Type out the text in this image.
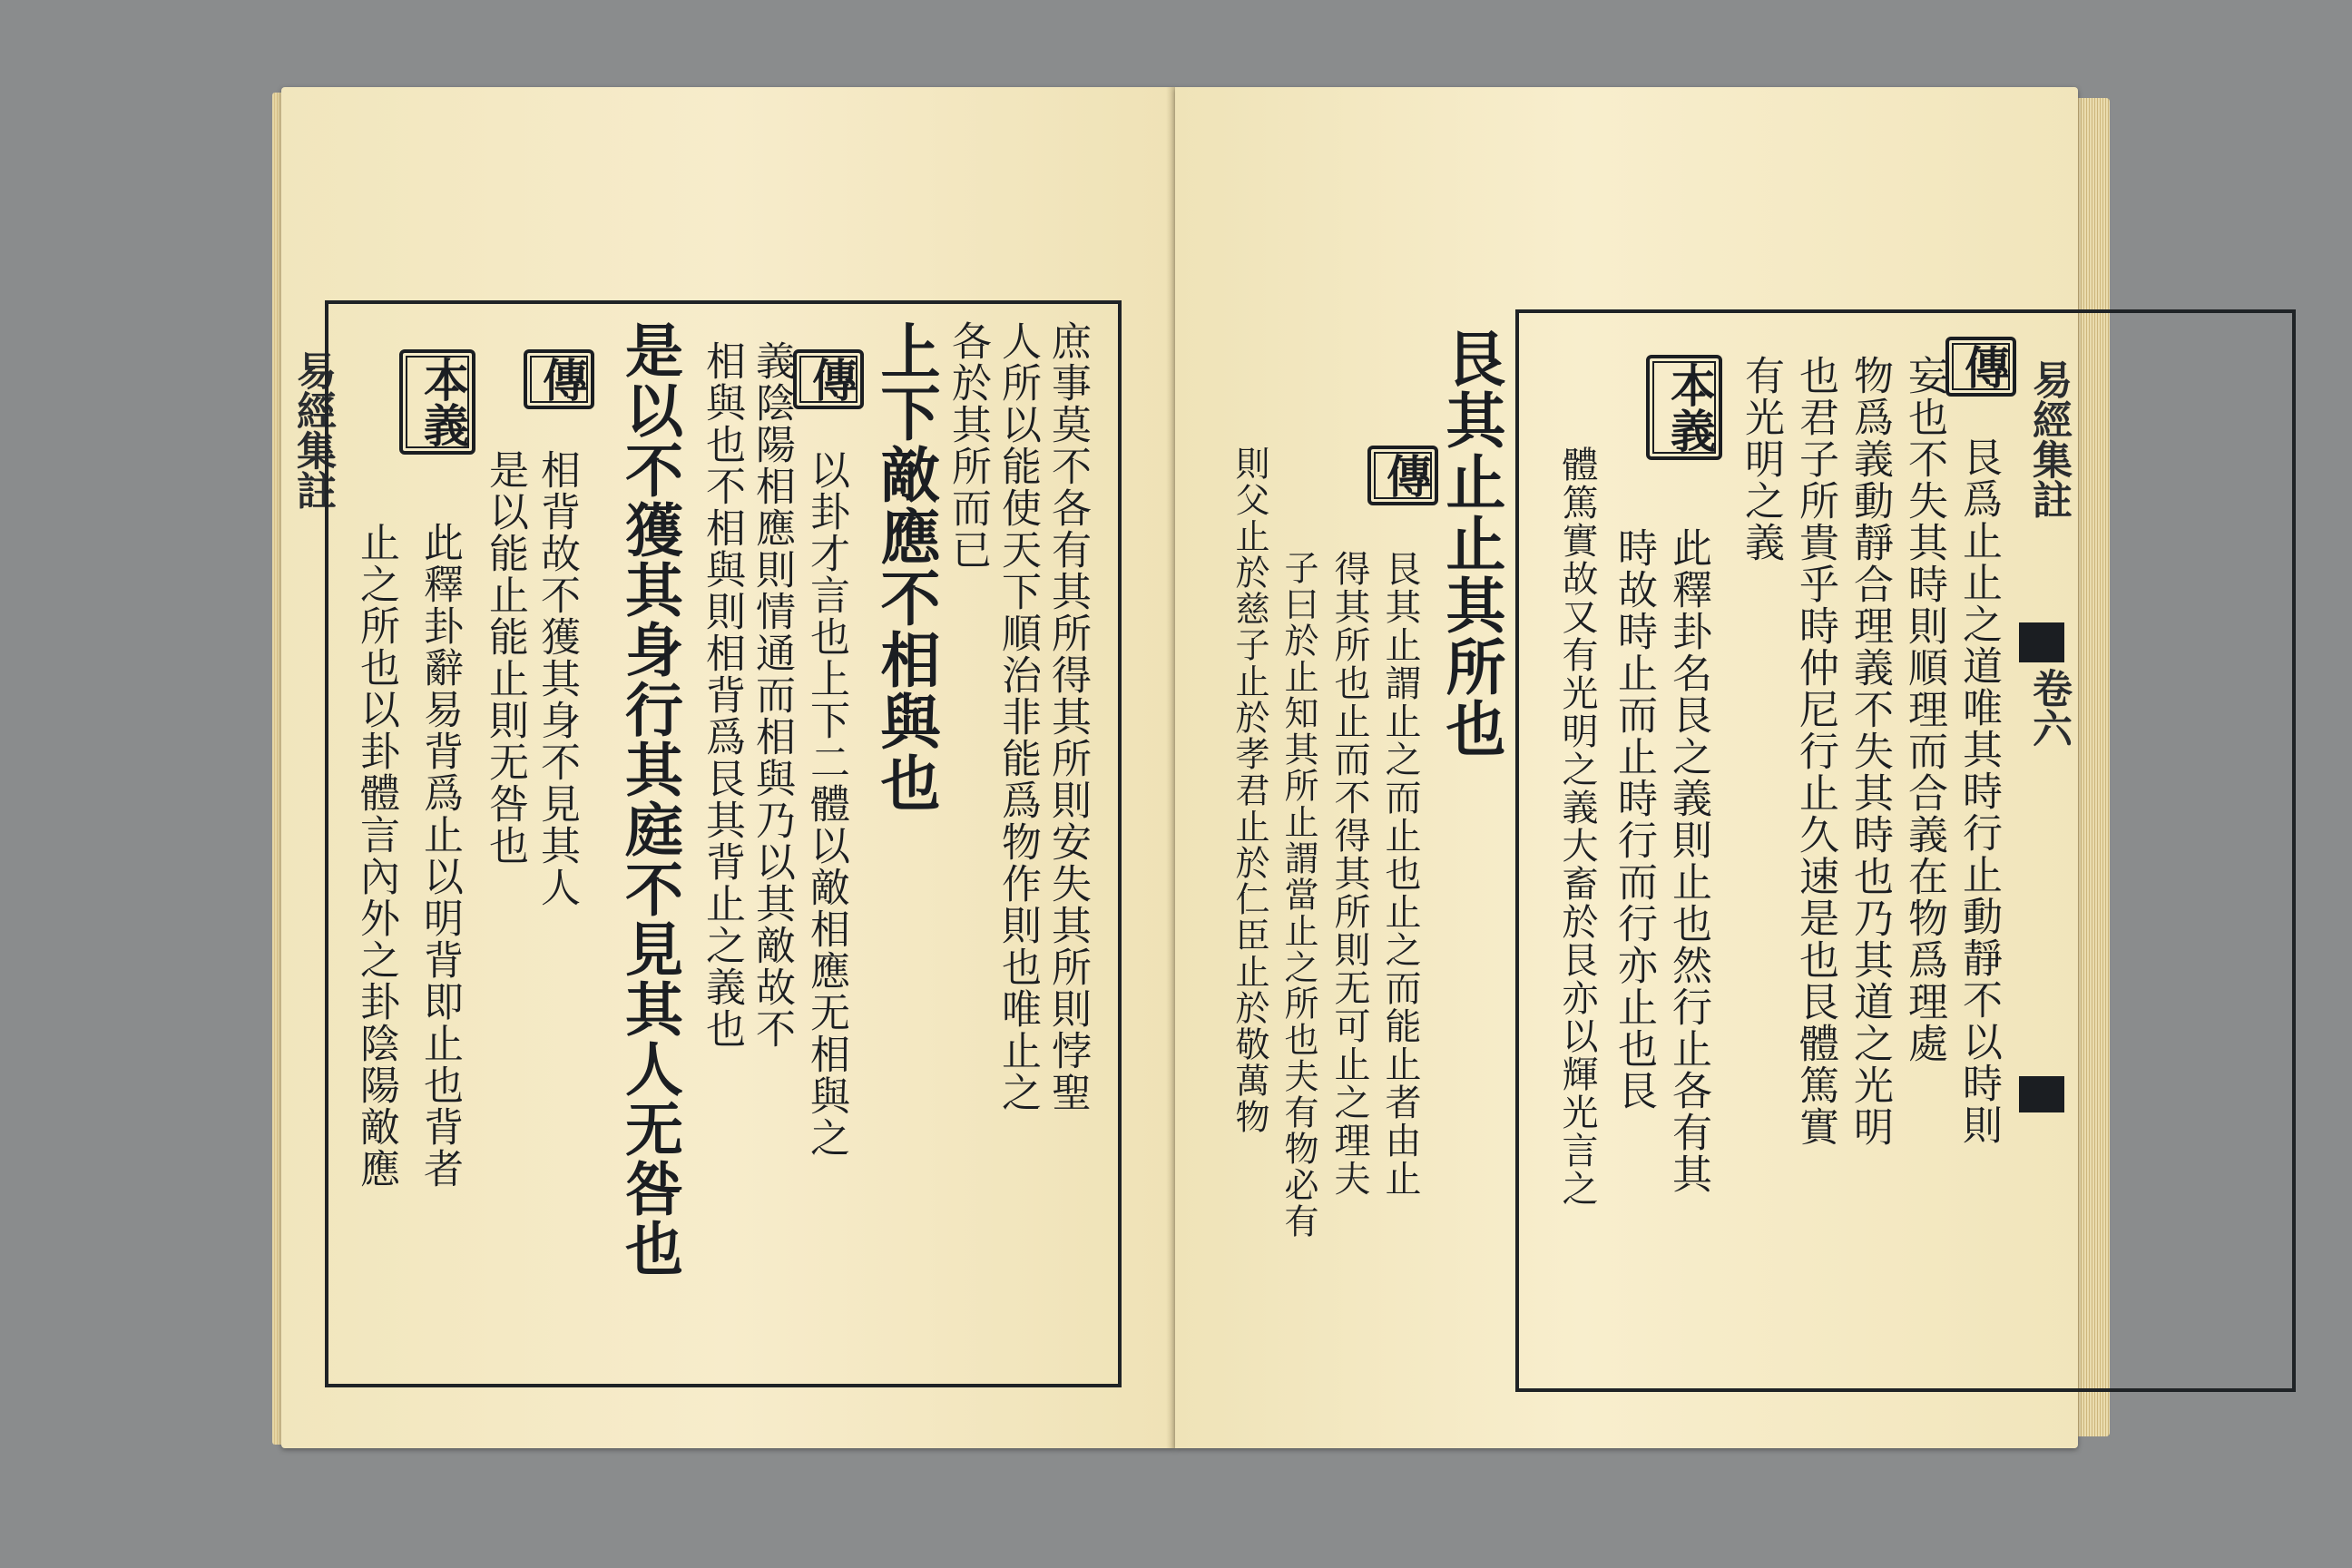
易經集註	庶事莫不各有其所得其所則安失其所則悖聖
人所以能使天下順治非能爲物作則也唯止之
各於其所而已
上下敵應不相與也
傳
以卦才言也上下二體以敵相應无相與之
義陰陽相應則情通而相與乃以其敵故不
相與也不相與則相背爲艮其背止之義也
是以不獲其身行其庭不見其人无咎也
傳
相背故不獲其身不見其人
是以能止能止則无咎也
本義
此釋卦辭易背爲止以明背即止也背者
止之所也以卦體言內外之卦陰陽敵應
易經集註
卷六
傳
艮爲止止之道唯其時行止動靜不以時則
妄也不失其時則順理而合義在物爲理處
物爲義動靜合理義不失其時也乃其道之光明
也君子所貴乎時仲尼行止久速是也艮體篤實
有光明之義
本義
此釋卦名艮之義則止也然行止各有其
時故時止而止時行而行亦止也艮
體篤實故又有光明之義大畜於艮亦以輝光言之
艮其止止其所也
傳
艮其止謂止之而止也止之而能止者由止
得其所也止而不得其所則无可止之理夫
子曰於止知其所止謂當止之所也夫有物必有
則父止於慈子止於孝君止於仁臣止於敬萬物
